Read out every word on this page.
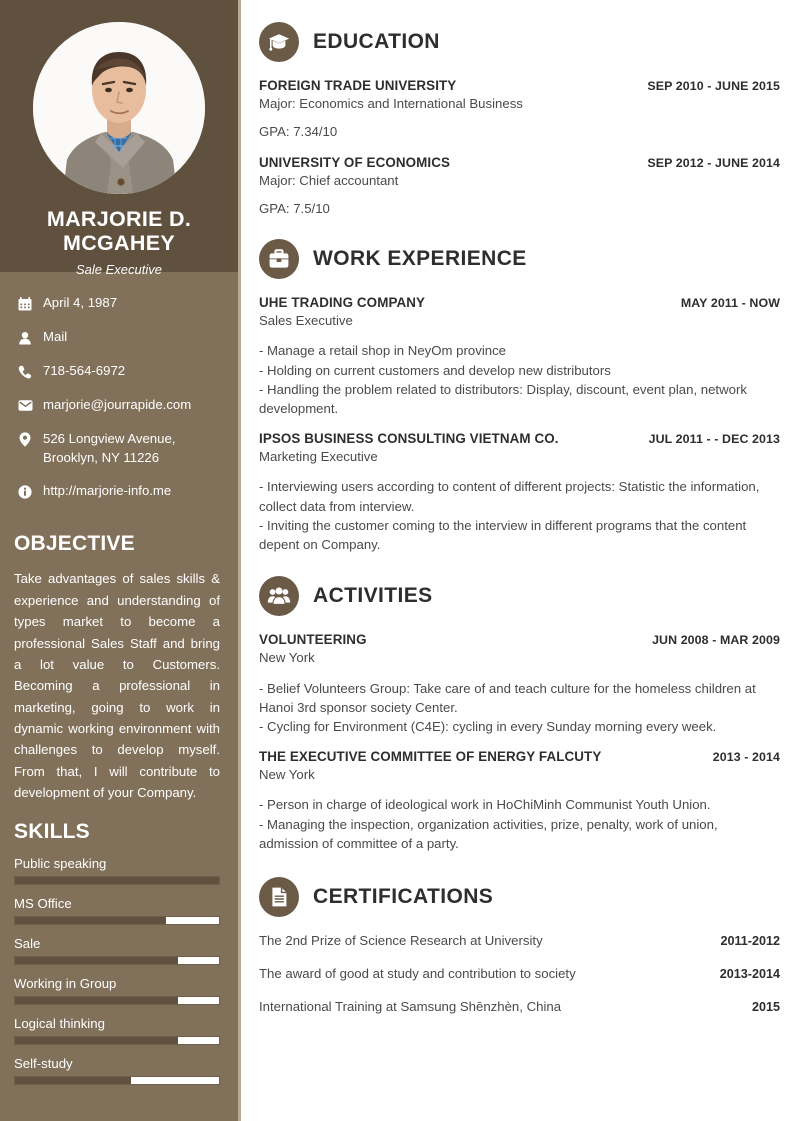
MARJORIE D. MCGAHEY
Sale Executive
April 4, 1987
Mail
718-564-6972
marjorie@jourrapide.com
526 Longview Avenue, Brooklyn, NY 11226
http://marjorie-info.me
OBJECTIVE
Take advantages of sales skills & experience and understanding of types market to become a professional Sales Staff and bring a lot value to Customers. Becoming a professional in marketing, going to work in dynamic working environment with challenges to develop myself. From that, I will contribute to development of your Company.
SKILLS
Public speaking
MS Office
Sale
Working in Group
Logical thinking
Self-study
EDUCATION
FOREIGN TRADE UNIVERSITY	SEP 2010 - JUNE 2015
Major: Economics and International Business
GPA: 7.34/10
UNIVERSITY OF ECONOMICS	SEP 2012 - JUNE 2014
Major: Chief accountant
GPA: 7.5/10
WORK EXPERIENCE
UHE TRADING COMPANY	MAY 2011 - NOW
Sales Executive
- Manage a retail shop in NeyOm province
- Holding on current customers and develop new distributors
- Handling the problem related to distributors: Display, discount, event plan, network development.
IPSOS BUSINESS CONSULTING VIETNAM CO.	JUL 2011 - - DEC 2013
Marketing Executive
- Interviewing users according to content of different projects: Statistic the information, collect data from interview.
- Inviting the customer coming to the interview in different programs that the content depent on Company.
ACTIVITIES
VOLUNTEERING	JUN 2008 - MAR 2009
New York
- Belief Volunteers Group: Take care of and teach culture for the homeless children at Hanoi 3rd sponsor society Center.
- Cycling for Environment (C4E): cycling in every Sunday morning every week.
THE EXECUTIVE COMMITTEE OF ENERGY FALCUTY	2013 - 2014
New York
- Person in charge of ideological work in HoChiMinh Communist Youth Union.
- Managing the inspection, organization activities, prize, penalty, work of union, admission of committee of a party.
CERTIFICATIONS
The 2nd Prize of Science Research at University	2011-2012
The award of good at study and contribution to society	2013-2014
International Training at Samsung Shēnzhèn, China	2015
